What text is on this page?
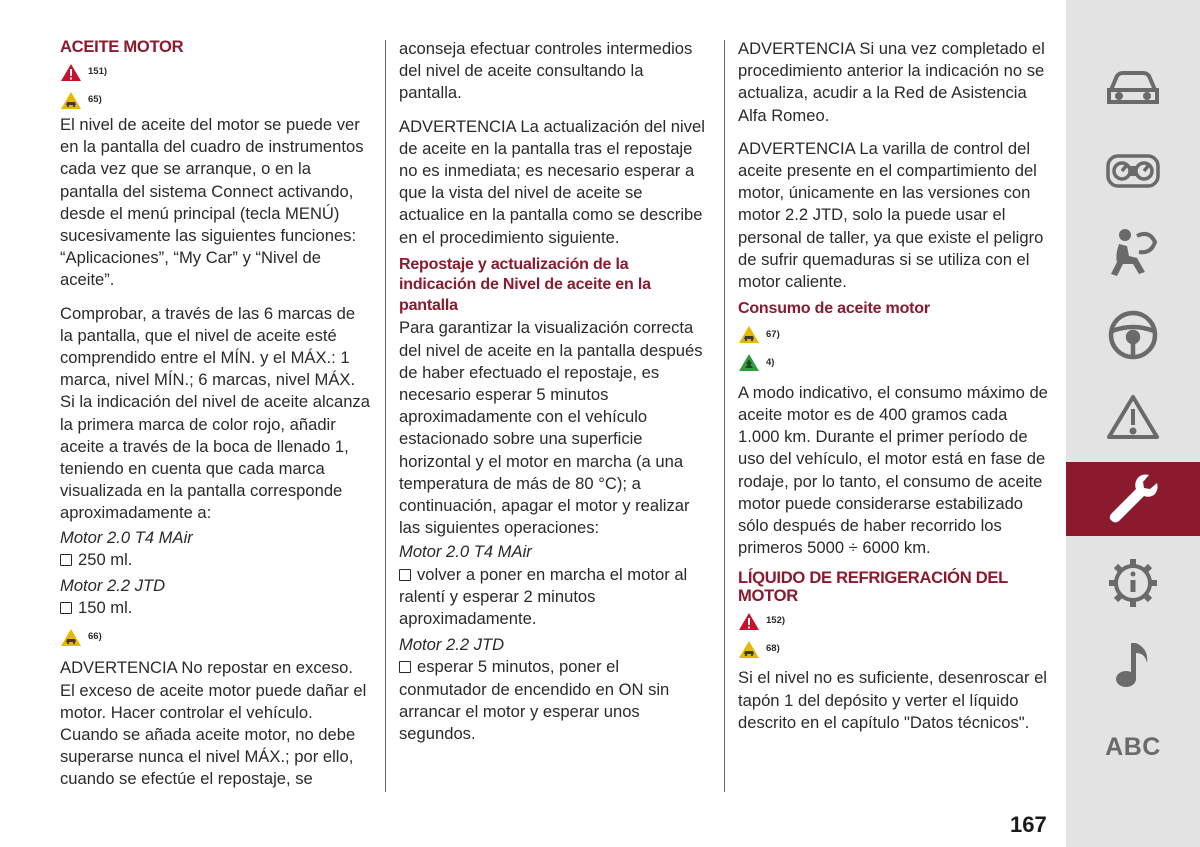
ACEITE MOTOR
151)
65)

El nivel de aceite del motor se puede ver en la pantalla del cuadro de instrumentos cada vez que se arranque, o en la pantalla del sistema Connect activando, desde el menú principal (tecla MENÚ) sucesivamente las siguientes funciones: “Aplicaciones”, “My Car” y “Nivel de aceite”.

Comprobar, a través de las 6 marcas de la pantalla, que el nivel de aceite esté comprendido entre el MÍN. y el MÁX.: 1 marca, nivel MÍN.; 6 marcas, nivel MÁX. Si la indicación del nivel de aceite alcanza la primera marca de color rojo, añadir aceite a través de la boca de llenado 1, teniendo en cuenta que cada marca visualizada en la pantalla corresponde aproximadamente a:

Motor 2.0 T4 MAir

250 ml.

Motor 2.2 JTD

150 ml.

66)

ADVERTENCIA No repostar en exceso. El exceso de aceite motor puede dañar el motor. Hacer controlar el vehículo. Cuando se añada aceite motor, no debe superarse nunca el nivel MÁX.; por ello, cuando se efectúe el repostaje, se

aconseja efectuar controles intermedios del nivel de aceite consultando la pantalla.

ADVERTENCIA La actualización del nivel de aceite en la pantalla tras el repostaje no es inmediata; es necesario esperar a que la vista del nivel de aceite se actualice en la pantalla como se describe en el procedimiento siguiente.

Repostaje y actualización de la indicación de Nivel de aceite en la pantalla

Para garantizar la visualización correcta del nivel de aceite en la pantalla después de haber efectuado el repostaje, es necesario esperar 5 minutos aproximadamente con el vehículo estacionado sobre una superficie horizontal y el motor en marcha (a una temperatura de más de 80 °C); a continuación, apagar el motor y realizar las siguientes operaciones:

Motor 2.0 T4 MAir

volver a poner en marcha el motor al ralentí y esperar 2 minutos aproximadamente.

Motor 2.2 JTD

esperar 5 minutos, poner el conmutador de encendido en ON sin arrancar el motor y esperar unos segundos.

ADVERTENCIA Si una vez completado el procedimiento anterior la indicación no se actualiza, acudir a la Red de Asistencia Alfa Romeo.

ADVERTENCIA La varilla de control del aceite presente en el compartimiento del motor, únicamente en las versiones con motor 2.2 JTD, solo la puede usar el personal de taller, ya que existe el peligro de sufrir quemaduras si se utiliza con el motor caliente.

Consumo de aceite motor
67)
4)

A modo indicativo, el consumo máximo de aceite motor es de 400 gramos cada 1.000 km. Durante el primer período de uso del vehículo, el motor está en fase de rodaje, por lo tanto, el consumo de aceite motor puede considerarse estabilizado sólo después de haber recorrido los primeros 5000 ÷ 6000 km.

LÍQUIDO DE REFRIGERACIÓN DEL MOTOR
152)
68)

Si el nivel no es suficiente, desenroscar el tapón 1 del depósito y verter el líquido descrito en el capítulo "Datos técnicos".

ABC
167
